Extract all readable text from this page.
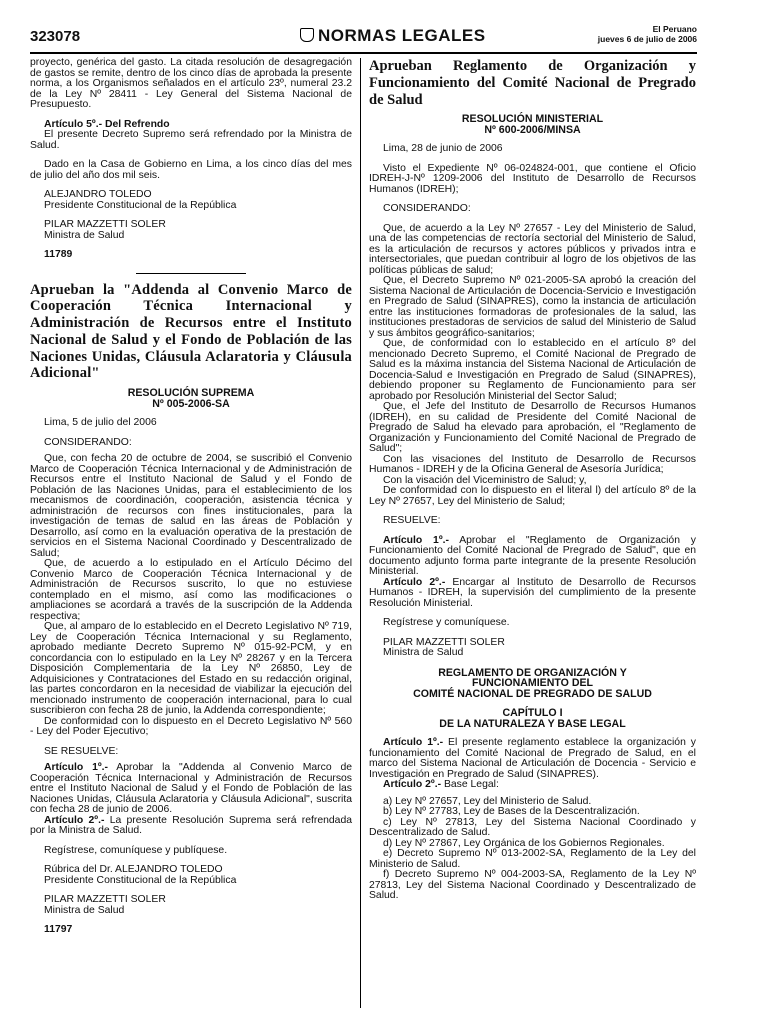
323078	NORMAS LEGALES	El Peruano
jueves 6 de julio de 2006

proyecto, genérica del gasto. La citada resolución de desagregación de gastos se remite, dentro de los cinco días de aprobada la presente norma, a los Organismos señalados en el artículo 23º, numeral 23.2 de la Ley Nº 28411 - Ley General del Sistema Nacional de Presupuesto.

Artículo 5º.- Del Refrendo

El presente Decreto Supremo será refrendado por la Ministra de Salud.

Dado en la Casa de Gobierno en Lima, a los cinco días del mes de julio del año dos mil seis.

ALEJANDRO TOLEDO

Presidente Constitucional de la República

PILAR MAZZETTI SOLER

Ministra de Salud

11789

Aprueban la "Addenda al Convenio Marco de Cooperación Técnica Internacional y Administración de Recursos entre el Instituto Nacional de Salud y el Fondo de Población de las Naciones Unidas, Cláusula Aclaratoria y Cláusula Adicional"

RESOLUCIÓN SUPREMA

Nº 005-2006-SA

Lima, 5 de julio del 2006

CONSIDERANDO:

Que, con fecha 20 de octubre de 2004, se suscribió el Convenio Marco de Cooperación Técnica Internacional y de Administración de Recursos entre el Instituto Nacional de Salud y el Fondo de Población de las Naciones Unidas, para el establecimiento de los mecanismos de coordinación, cooperación, asistencia técnica y administración de recursos con fines institucionales, para la investigación de temas de salud en las áreas de Población y Desarrollo, así como en la evaluación operativa de la prestación de servicios en el Sistema Nacional Coordinado y Descentralizado de Salud;

Que, de acuerdo a lo estipulado en el Artículo Décimo del Convenio Marco de Cooperación Técnica Internacional y de Administración de Recursos suscrito, lo que no estuviese contemplado en el mismo, así como las modificaciones o ampliaciones se acordará a través de la suscripción de la Addenda respectiva;

Que, al amparo de lo establecido en el Decreto Legislativo Nº 719, Ley de Cooperación Técnica Internacional y su Reglamento, aprobado mediante Decreto Supremo Nº 015-92-PCM, y en concordancia con lo estipulado en la Ley Nº 28267 y en la Tercera Disposición Complementaria de la Ley Nº 26850, Ley de Adquisiciones y Contrataciones del Estado en su redacción original, las partes concordaron en la necesidad de viabilizar la ejecución del mencionado instrumento de cooperación internacional, para lo cual suscribieron con fecha 28 de junio, la Addenda correspondiente;

De conformidad con lo dispuesto en el Decreto Legislativo Nº 560 - Ley del Poder Ejecutivo;

SE RESUELVE:

Artículo 1º.- Aprobar la "Addenda al Convenio Marco de Cooperación Técnica Internacional y Administración de Recursos entre el Instituto Nacional de Salud y el Fondo de Población de las Naciones Unidas, Cláusula Aclaratoria y Cláusula Adicional", suscrita con fecha 28 de junio de 2006.

Artículo 2º.- La presente Resolución Suprema será refrendada por la Ministra de Salud.

Regístrese, comuníquese y publíquese.

Rúbrica del Dr. ALEJANDRO TOLEDO

Presidente Constitucional de la República

PILAR MAZZETTI SOLER

Ministra de Salud

11797

Aprueban Reglamento de Organización y Funcionamiento del Comité Nacional de Pregrado de Salud

RESOLUCIÓN MINISTERIAL

Nº 600-2006/MINSA

Lima, 28 de junio de 2006

Visto el Expediente Nº 06-024824-001, que contiene el Oficio IDREH-J-Nº 1209-2006 del Instituto de Desarrollo de Recursos Humanos (IDREH);

CONSIDERANDO:

Que, de acuerdo a la Ley Nº 27657 - Ley del Ministerio de Salud, una de las competencias de rectoría sectorial del Ministerio de Salud, es la articulación de recursos y actores públicos y privados intra e intersectoriales, que puedan contribuir al logro de los objetivos de las políticas públicas de salud;

Que, el Decreto Supremo Nº 021-2005-SA aprobó la creación del Sistema Nacional de Articulación de Docencia-Servicio e Investigación en Pregrado de Salud (SINAPRES), como la instancia de articulación entre las instituciones formadoras de profesionales de la salud, las instituciones prestadoras de servicios de salud del Ministerio de Salud y sus ámbitos geográfico-sanitarios;

Que, de conformidad con lo establecido en el artículo 8º del mencionado Decreto Supremo, el Comité Nacional de Pregrado de Salud es la máxima instancia del Sistema Nacional de Articulación de Docencia-Salud e Investigación en Pregrado de Salud (SINAPRES), debiendo proponer su Reglamento de Funcionamiento para ser aprobado por Resolución Ministerial del Sector Salud;

Que, el Jefe del Instituto de Desarrollo de Recursos Humanos (IDREH), en su calidad de Presidente del Comité Nacional de Pregrado de Salud ha elevado para aprobación, el "Reglamento de Organización y Funcionamiento del Comité Nacional de Pregrado de Salud";

Con las visaciones del Instituto de Desarrollo de Recursos Humanos - IDREH y de la Oficina General de Asesoría Jurídica;

Con la visación del Viceministro de Salud; y,

De conformidad con lo dispuesto en el literal l) del artículo 8º de la Ley Nº 27657, Ley del Ministerio de Salud;

RESUELVE:

Artículo 1º.- Aprobar el "Reglamento de Organización y Funcionamiento del Comité Nacional de Pregrado de Salud", que en documento adjunto forma parte integrante de la presente Resolución Ministerial.

Artículo 2º.- Encargar al Instituto de Desarrollo de Recursos Humanos - IDREH, la supervisión del cumplimiento de la presente Resolución Ministerial.

Regístrese y comuníquese.

PILAR MAZZETTI SOLER

Ministra de Salud

REGLAMENTO DE ORGANIZACIÓN Y

FUNCIONAMIENTO DEL

COMITÉ NACIONAL DE PREGRADO DE SALUD

CAPÍTULO I

DE LA NATURALEZA Y BASE LEGAL

Artículo 1º.- El presente reglamento establece la organización y funcionamiento del Comité Nacional de Pregrado de Salud, en el marco del Sistema Nacional de Articulación de Docencia - Servicio e Investigación en Pregrado de Salud (SINAPRES).

Artículo 2º.- Base Legal:

a) Ley Nº 27657, Ley del Ministerio de Salud.

b) Ley Nº 27783, Ley de Bases de la Descentralización.

c) Ley Nº 27813, Ley del Sistema Nacional Coordinado y Descentralizado de Salud.

d) Ley Nº 27867, Ley Orgánica de los Gobiernos Regionales.

e) Decreto Supremo Nº 013-2002-SA, Reglamento de la Ley del Ministerio de Salud.

f) Decreto Supremo Nº 004-2003-SA, Reglamento de la Ley Nº 27813, Ley del Sistema Nacional Coordinado y Descentralizado de Salud.
